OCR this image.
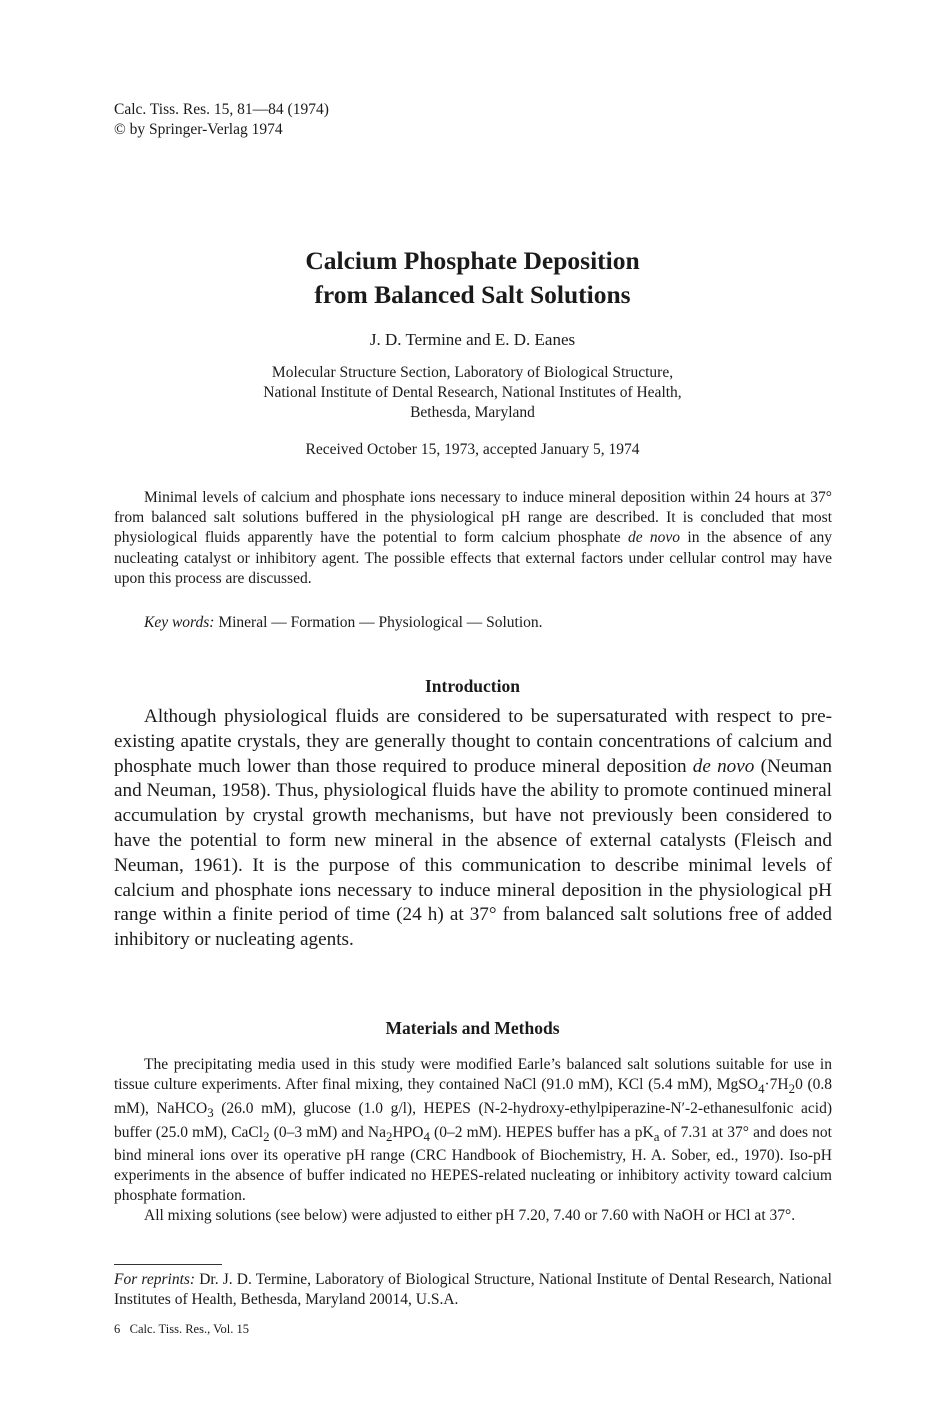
Calc. Tiss. Res. 15, 81—84 (1974)
© by Springer-Verlag 1974
Calcium Phosphate Deposition
from Balanced Salt Solutions
J. D. Termine and E. D. Eanes
Molecular Structure Section, Laboratory of Biological Structure,
National Institute of Dental Research, National Institutes of Health,
Bethesda, Maryland
Received October 15, 1973, accepted January 5, 1974

Minimal levels of calcium and phosphate ions necessary to induce mineral deposition within 24 hours at 37° from balanced salt solutions buffered in the physiological pH range are described. It is concluded that most physiological fluids apparently have the potential to form calcium phosphate de novo in the absence of any nucleating catalyst or inhibitory agent. The possible effects that external factors under cellular control may have upon this process are discussed.

Key words: Mineral — Formation — Physiological — Solution.
Introduction

Although physiological fluids are considered to be supersaturated with respect to pre-existing apatite crystals, they are generally thought to contain concentrations of calcium and phosphate much lower than those required to produce mineral deposition de novo (Neuman and Neuman, 1958). Thus, physiological fluids have the ability to promote continued mineral accumulation by crystal growth mechanisms, but have not previously been considered to have the potential to form new mineral in the absence of external catalysts (Fleisch and Neuman, 1961). It is the purpose of this communication to describe minimal levels of calcium and phosphate ions necessary to induce mineral deposition in the physiological pH range within a finite period of time (24 h) at 37° from balanced salt solutions free of added inhibitory or nucleating agents.

Materials and Methods

The precipitating media used in this study were modified Earle’s balanced salt solutions suitable for use in tissue culture experiments. After final mixing, they contained NaCl (91.0 mM), KCl (5.4 mM), $MgSO_4\cdot 7H_20$ (0.8 mM), NaHCO$_3$ (26.0 mM), glucose (1.0 g/l), HEPES (N-2-hydroxy-ethylpiperazine-N′-2-ethanesulfonic acid) buffer (25.0 mM), CaCl$_2$ (0–3 mM) and $Na_2HPO_4$ (0–2 mM). HEPES buffer has a $pK_a$ of 7.31 at 37° and does not bind mineral ions over its operative pH range (CRC Handbook of Biochemistry, H. A. Sober, ed., 1970). Iso-pH experiments in the absence of buffer indicated no HEPES-related nucleating or inhibitory activity toward calcium phosphate formation.

All mixing solutions (see below) were adjusted to either pH 7.20, 7.40 or 7.60 with NaOH or HCl at 37°.

For reprints: Dr. J. D. Termine, Laboratory of Biological Structure, National Institute of Dental Research, National Institutes of Health, Bethesda, Maryland 20014, U.S.A.

6   Calc. Tiss. Res., Vol. 15
